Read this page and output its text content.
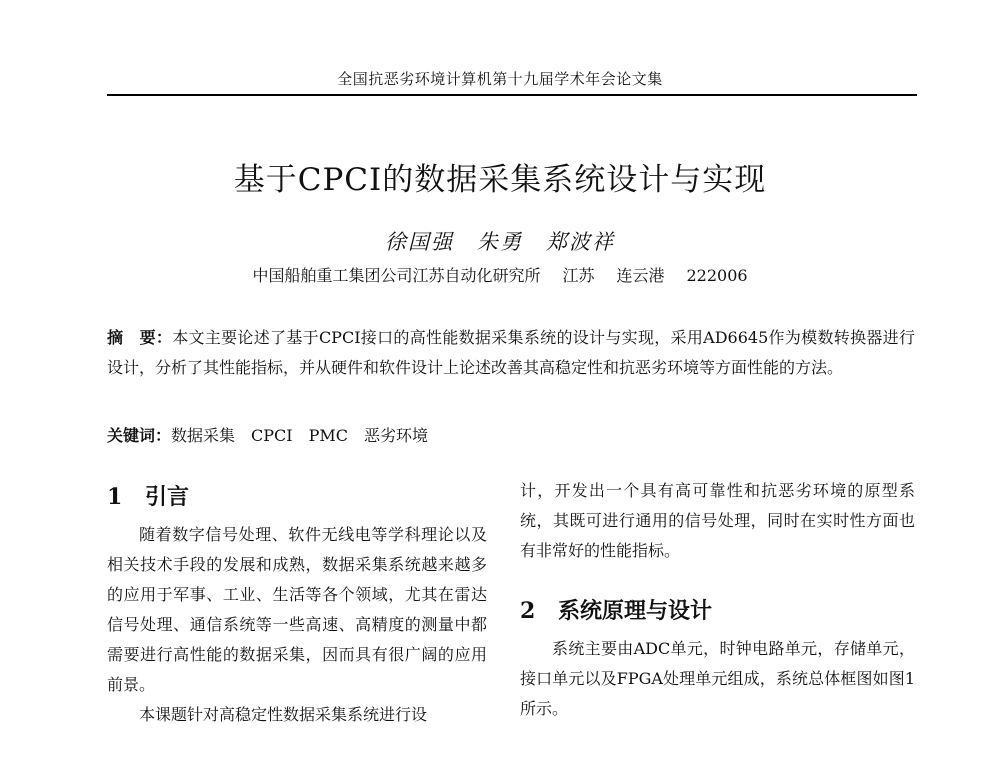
全国抗恶劣环境计算机第十九届学术年会论文集
基于CPCI的数据采集系统设计与实现
徐国强　朱勇　郑波祥
中国船舶重工集团公司江苏自动化研究所 江苏 连云港 222006

摘　要：本文主要论述了基于CPCI接口的高性能数据采集系统的设计与实现，采用AD6645作为模数转换器进行设计，分析了其性能指标，并从硬件和软件设计上论述改善其高稳定性和抗恶劣环境等方面性能的方法。

关键词：数据采集 CPCI PMC 恶劣环境

1 引言

随着数字信号处理、软件无线电等学科理论以及相关技术手段的发展和成熟，数据采集系统越来越多的应用于军事、工业、生活等各个领域，尤其在雷达信号处理、通信系统等一些高速、高精度的测量中都需要进行高性能的数据采集，因而具有很广阔的应用前景。

本课题针对高稳定性数据采集系统进行设

计，开发出一个具有高可靠性和抗恶劣环境的原型系统，其既可进行通用的信号处理，同时在实时性方面也有非常好的性能指标。

2 系统原理与设计

系统主要由ADC单元，时钟电路单元，存储单元，接口单元以及FPGA处理单元组成，系统总体框图如图1所示。
